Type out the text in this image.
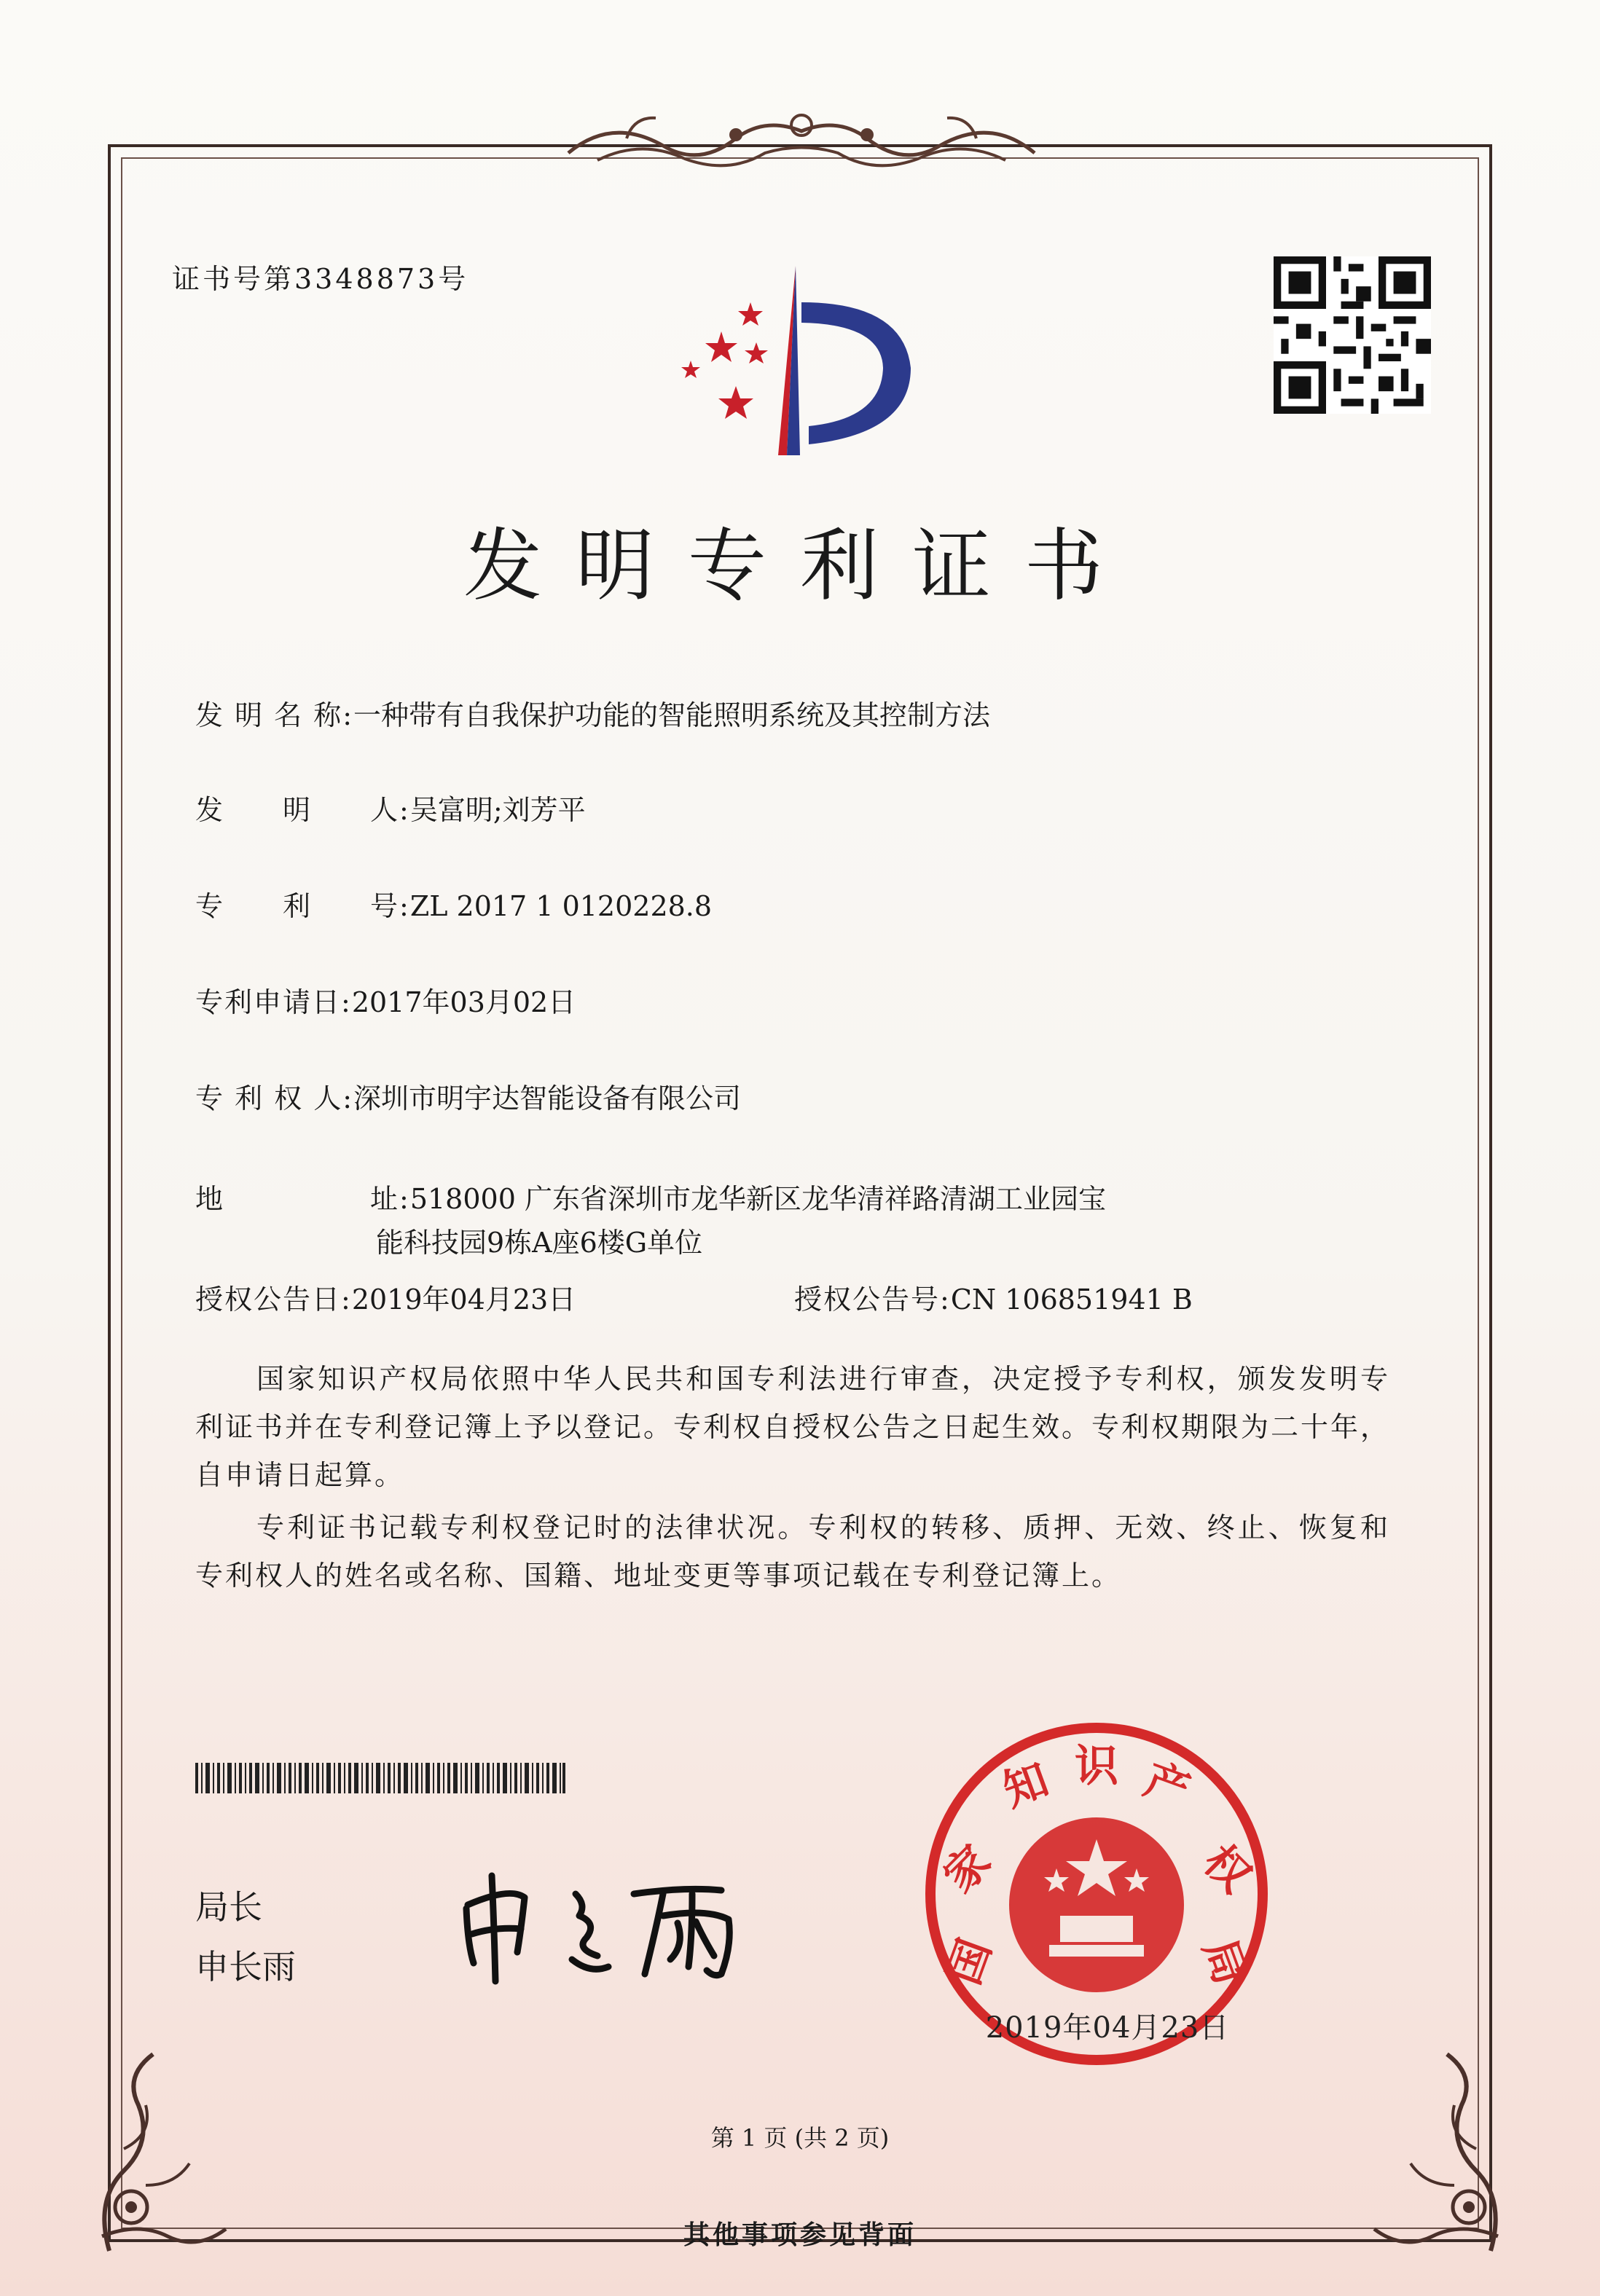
证书号第3348873号
发明专利证书
发 明 名 称:一种带有自我保护功能的智能照明系统及其控制方法
发　　明　　人:吴富明;刘芳平
专　　利　　号:ZL 2017 1 0120228.8
专利申请日:2017年03月02日
专 利 权 人:深圳市明宇达智能设备有限公司
地　　　　　址:518000 广东省深圳市龙华新区龙华清祥路清湖工业园宝
能科技园9栋A座6楼G单位
授权公告日:2019年04月23日	授权公告号:CN 106851941 B
国家知识产权局依照中华人民共和国专利法进行审查，决定授予专利权，颁发发明专利证书并在专利登记簿上予以登记。专利权自授权公告之日起生效。专利权期限为二十年，自申请日起算。
专利证书记载专利权登记时的法律状况。专利权的转移、质押、无效、终止、恢复和专利权人的姓名或名称、国籍、地址变更等事项记载在专利登记簿上。
局长
申长雨	国
家
知 识 产
权
局
2019年04月23日
第 1 页 (共 2 页)
其他事项参见背面
